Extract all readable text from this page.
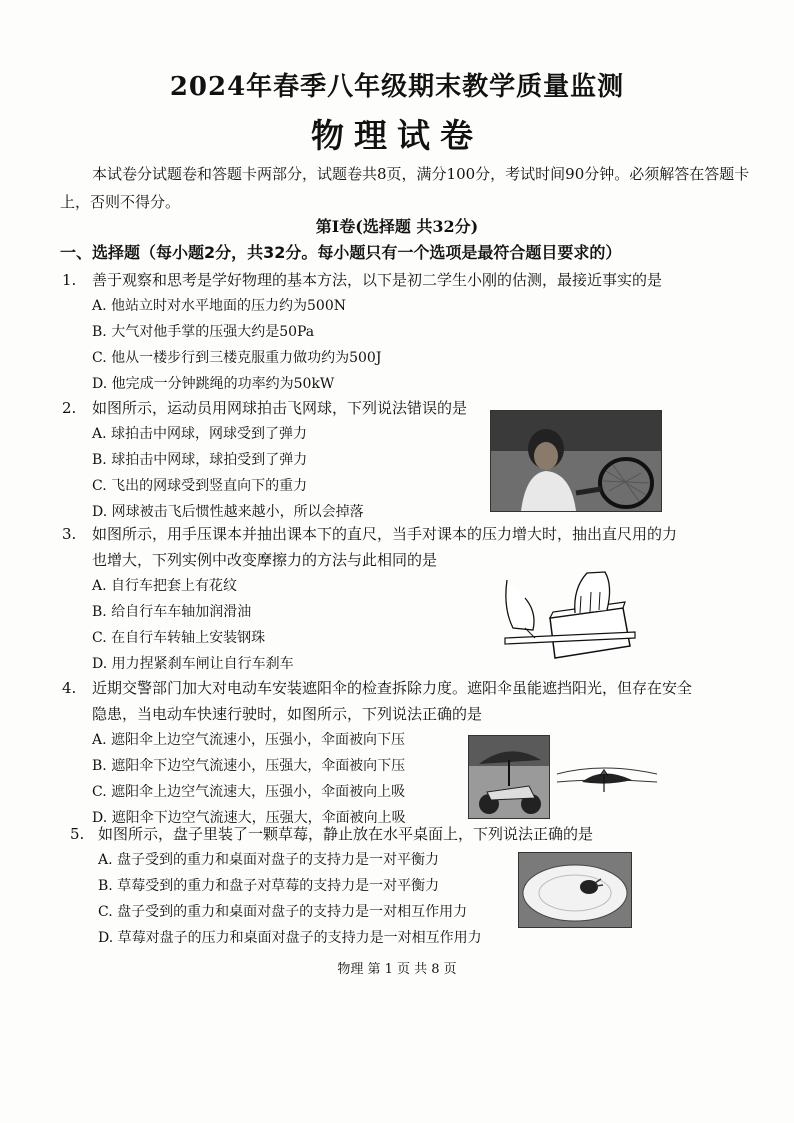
2024年春季八年级期末教学质量监测
物理试卷
本试卷分试题卷和答题卡两部分，试题卷共8页，满分100分，考试时间90分钟。必须解答在答题卡上，否则不得分。
第Ⅰ卷(选择题 共32分)
一、选择题（每小题2分，共32分。每小题只有一个选项是最符合题目要求的）
1. 善于观察和思考是学好物理的基本方法，以下是初二学生小刚的估测，最接近事实的是
A. 他站立时对水平地面的压力约为500N
B. 大气对他手掌的压强大约是50Pa
C. 他从一楼步行到三楼克服重力做功约为500J
D. 他完成一分钟跳绳的功率约为50kW
2. 如图所示，运动员用网球拍击飞网球，下列说法错误的是
A. 球拍击中网球，网球受到了弹力
B. 球拍击中网球，球拍受到了弹力
C. 飞出的网球受到竖直向下的重力
D. 网球被击飞后惯性越来越小，所以会掉落
3. 如图所示，用手压课本并抽出课本下的直尺，当手对课本的压力增大时，抽出直尺用的力
也增大，下列实例中改变摩擦力的方法与此相同的是
A. 自行车把套上有花纹
B. 给自行车车轴加润滑油
C. 在自行车转轴上安装钢珠
D. 用力捏紧刹车闸让自行车刹车
4. 近期交警部门加大对电动车安装遮阳伞的检查拆除力度。遮阳伞虽能遮挡阳光，但存在安全
隐患，当电动车快速行驶时，如图所示，下列说法正确的是
A. 遮阳伞上边空气流速小，压强小，伞面被向下压
B. 遮阳伞下边空气流速小，压强大，伞面被向下压
C. 遮阳伞上边空气流速大，压强小，伞面被向上吸
D. 遮阳伞下边空气流速大，压强大，伞面被向上吸
5. 如图所示，盘子里装了一颗草莓，静止放在水平桌面上，下列说法正确的是
A. 盘子受到的重力和桌面对盘子的支持力是一对平衡力
B. 草莓受到的重力和盘子对草莓的支持力是一对平衡力
C. 盘子受到的重力和桌面对盘子的支持力是一对相互作用力
D. 草莓对盘子的压力和桌面对盘子的支持力是一对相互作用力
物理 第 1 页 共 8 页
